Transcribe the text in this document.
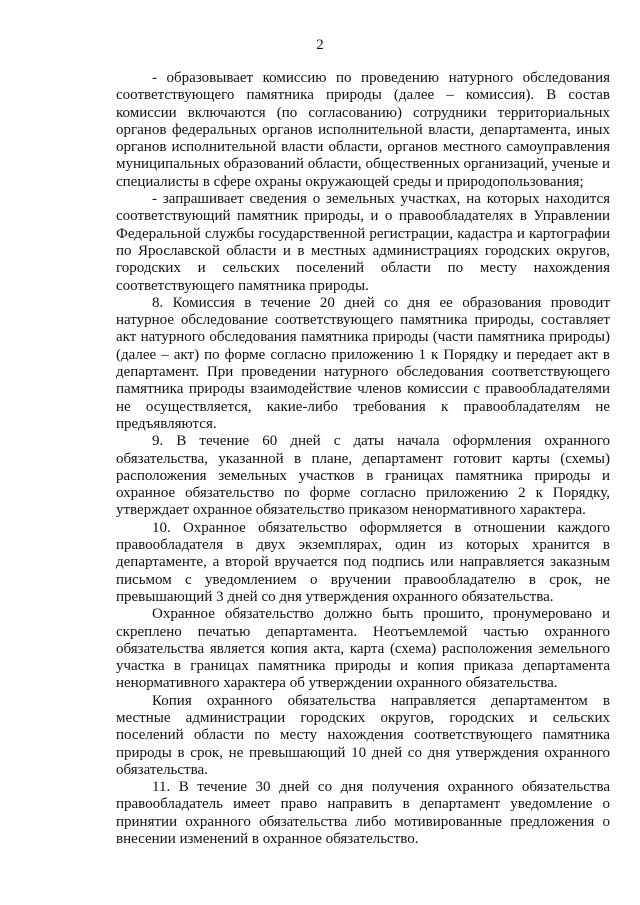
2

- образовывает комиссию по проведению натурного обследования соответствующего памятника природы (далее – комиссия). В состав комиссии включаются (по согласованию) сотрудники территориальных органов федеральных органов исполнительной власти, департамента, иных органов исполнительной власти области, органов местного самоуправления муниципальных образований области, общественных организаций, ученые и специалисты в сфере охраны окружающей среды и природопользования;

- запрашивает сведения о земельных участках, на которых находится соответствующий памятник природы, и о правообладателях в Управлении Федеральной службы государственной регистрации, кадастра и картографии по Ярославской области и в местных администрациях городских округов, городских и сельских поселений области по месту нахождения соответствующего памятника природы.

8. Комиссия в течение 20 дней со дня ее образования проводит натурное обследование соответствующего памятника природы, составляет акт натурного обследования памятника природы (части памятника природы) (далее – акт) по форме согласно приложению 1 к Порядку и передает акт в департамент. При проведении натурного обследования соответствующего памятника природы взаимодействие членов комиссии с правообладателями не осуществляется, какие-либо требования к правообладателям не предъявляются.

9. В течение 60 дней с даты начала оформления охранного обязательства, указанной в плане, департамент готовит карты (схемы) расположения земельных участков в границах памятника природы и охранное обязательство по форме согласно приложению 2 к Порядку, утверждает охранное обязательство приказом ненормативного характера.

10. Охранное обязательство оформляется в отношении каждого правообладателя в двух экземплярах, один из которых хранится в департаменте, а второй вручается под подпись или направляется заказным письмом с уведомлением о вручении правообладателю в срок, не превышающий 3 дней со дня утверждения охранного обязательства.

Охранное обязательство должно быть прошито, пронумеровано и скреплено печатью департамента. Неотъемлемой частью охранного обязательства является копия акта, карта (схема) расположения земельного участка в границах памятника природы и копия приказа департамента ненормативного характера об утверждении охранного обязательства.

Копия охранного обязательства направляется департаментом в местные администрации городских округов, городских и сельских поселений области по месту нахождения соответствующего памятника природы в срок, не превышающий 10 дней со дня утверждения охранного обязательства.

11. В течение 30 дней со дня получения охранного обязательства правообладатель имеет право направить в департамент уведомление о принятии охранного обязательства либо мотивированные предложения о внесении изменений в охранное обязательство.
